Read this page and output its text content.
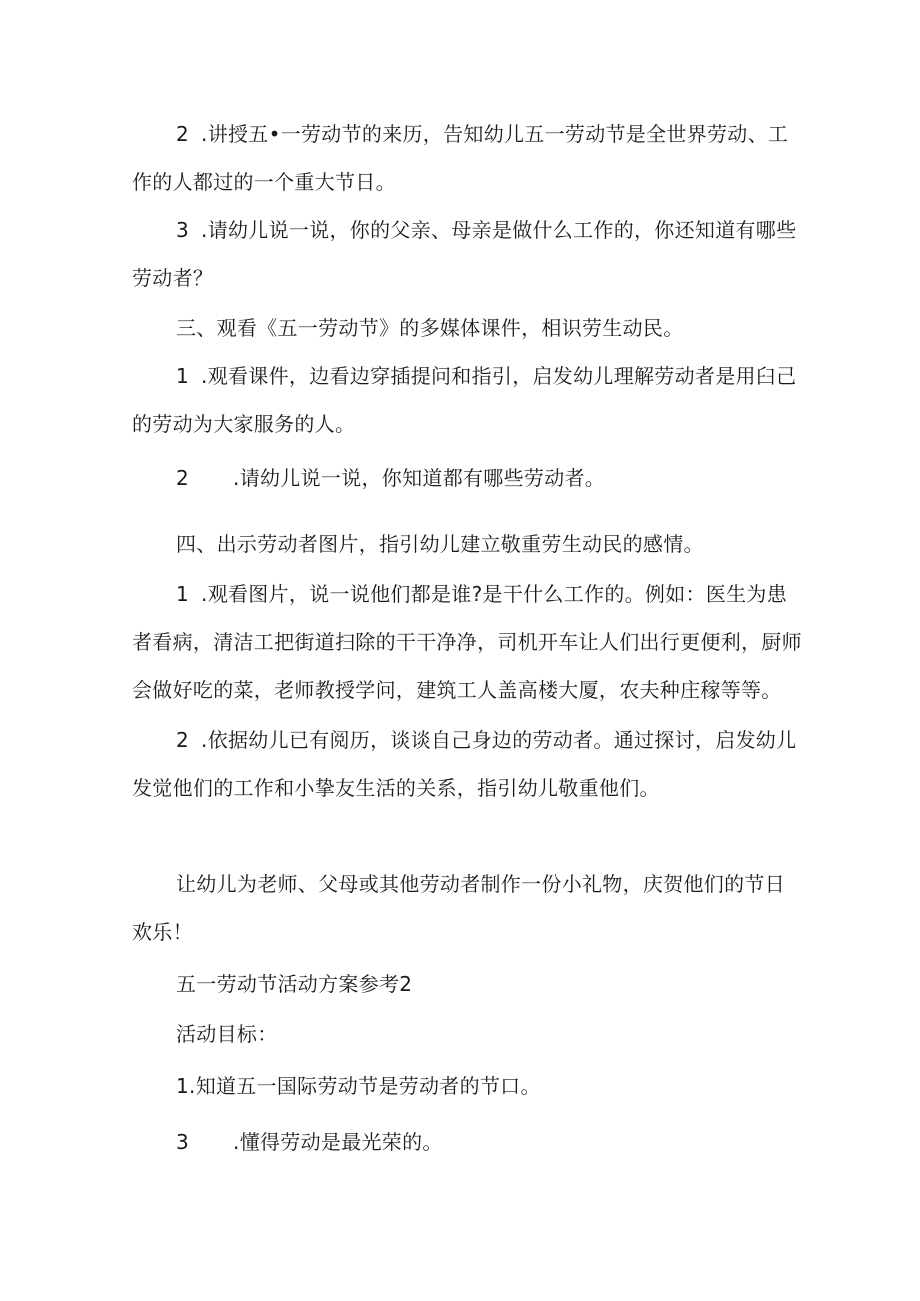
2 .讲授五•一劳动节的来历，告知幼儿五一劳动节是全世界劳动、工
作的人都过的一个重大节日。
3 .请幼儿说一说，你的父亲、母亲是做什么工作的，你还知道有哪些
劳动者？
三、观看《五一劳动节》的多媒体课件，相识劳生动民。
1 .观看课件，边看边穿插提问和指引，启发幼儿理解劳动者是用臼己
的劳动为大家服务的人。
2 .请幼儿说一说，你知道都有哪些劳动者。
四、出示劳动者图片，指引幼儿建立敬重劳生动民的感情。
1 .观看图片，说一说他们都是谁?是干什么工作的。例如：医生为患
者看病，清洁工把街道扫除的干干净净，司机开车让人们出行更便利，厨师
会做好吃的菜，老师教授学问，建筑工人盖高楼大厦，农夫种庄稼等等。
2 .依据幼儿已有阅历，谈谈自己身边的劳动者。通过探讨，启发幼儿
发觉他们的工作和小挚友生活的关系，指引幼儿敬重他们。
让幼儿为老师、父母或其他劳动者制作一份小礼物，庆贺他们的节日
欢乐！
五一劳动节活动方案参考2
活动目标：
1.知道五一国际劳动节是劳动者的节口。
3 .懂得劳动是最光荣的。
